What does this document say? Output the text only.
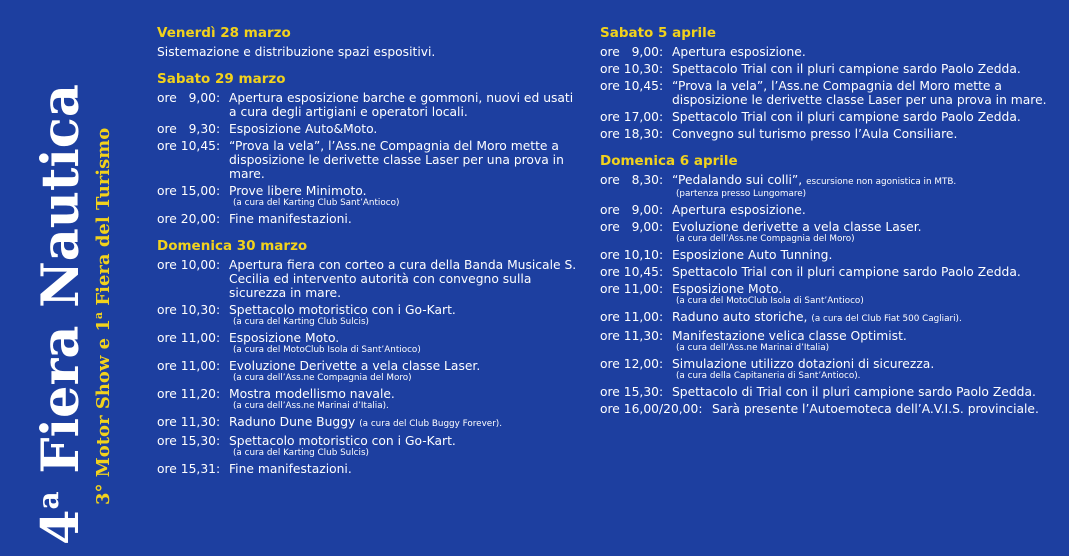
4$^a$ Fiera Nautica
3° Motor Show e 1$^a$ Fiera del Turismo
Venerdì 28 marzo
Sistemazione e distribuzione spazi espositivi.
Sabato 29 marzo
ore   9,00: Apertura esposizione barche e gommoni, nuovi ed usati a cura degli artigiani e operatori locali.
ore   9,30: Esposizione Auto&Moto.
ore 10,45: “Prova la vela”, l’Ass.ne Compagnia del Moro mette a disposizione le derivette classe Laser per una prova in mare.
ore 15,00: Prove libere Minimoto.
(a cura del Karting Club Sant’Antioco)
ore 20,00: Fine manifestazioni.
Domenica 30 marzo
ore 10,00: Apertura fiera con corteo a cura della Banda Musicale S. Cecilia ed intervento autorità con convegno sulla sicurezza in mare.
ore 10,30: Spettacolo motoristico con i Go-Kart.
(a cura del Karting Club Sulcis)
ore 11,00: Esposizione Moto.
(a cura del MotoClub Isola di Sant’Antioco)
ore 11,00: Evoluzione Derivette a vela classe Laser.
(a cura dell’Ass.ne Compagnia del Moro)
ore 11,20: Mostra modellismo navale.
(a cura dell’Ass.ne Marinai d’Italia).
ore 11,30: Raduno Dune Buggy (a cura del Club Buggy Forever).
ore 15,30: Spettacolo motoristico con i Go-Kart.
(a cura del Karting Club Sulcis)
ore 15,31: Fine manifestazioni.
Sabato 5 aprile
ore   9,00: Apertura esposizione.
ore 10,30: Spettacolo Trial con il pluri campione sardo Paolo Zedda.
ore 10,45: “Prova la vela”, l’Ass.ne Compagnia del Moro mette a disposizione le derivette classe Laser per una prova in mare.
ore 17,00: Spettacolo Trial con il pluri campione sardo Paolo Zedda.
ore 18,30: Convegno sul turismo presso l’Aula Consiliare.
Domenica 6 aprile
ore   8,30: “Pedalando sui colli”, escursione non agonistica in MTB.
(partenza presso Lungomare)
ore   9,00: Apertura esposizione.
ore   9,00: Evoluzione derivette a vela classe Laser.
(a cura dell’Ass.ne Compagnia del Moro)
ore 10,10: Esposizione Auto Tunning.
ore 10,45: Spettacolo Trial con il pluri campione sardo Paolo Zedda.
ore 11,00: Esposizione Moto.
(a cura del MotoClub Isola di Sant’Antioco)
ore 11,00: Raduno auto storiche, (a cura del Club Fiat 500 Cagliari).
ore 11,30: Manifestazione velica classe Optimist.
(a cura dell’Ass.ne Marinai d’Italia)
ore 12,00: Simulazione utilizzo dotazioni di sicurezza.
(a cura della Capitaneria di Sant’Antioco).
ore 15,30: Spettacolo di Trial con il pluri campione sardo Paolo Zedda.
ore 16,00/20,00: Sarà presente l’Autoemoteca dell’A.V.I.S. provinciale.
